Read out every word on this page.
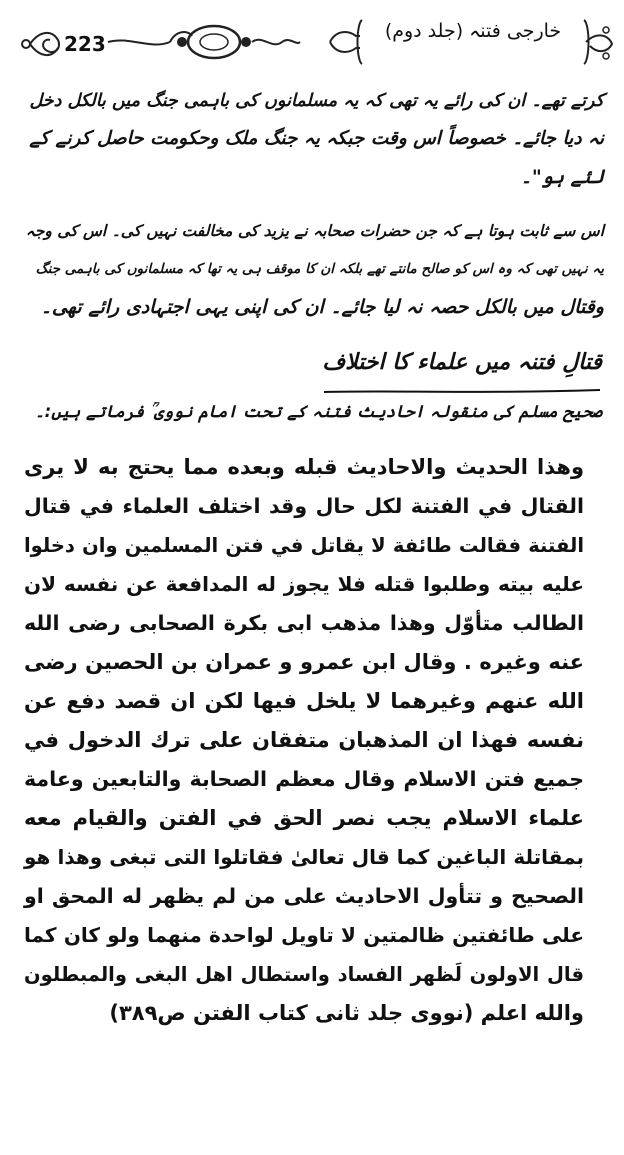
223
خارجی فتنہ (جلد دوم)
کرتے تھے۔ ان کی رائے یہ تھی کہ یہ مسلمانوں کی باہمی جنگ میں بالکل دخل
نہ دیا جائے۔ خصوصاً اس وقت جبکہ یہ جنگ ملک وحکومت حاصل کرنے کے
لئے ہو"۔
اس سے ثابت ہوتا ہے کہ جن حضرات صحابہ نے یزید کی مخالفت نہیں کی۔ اس کی وجہ
یہ نہیں تھی کہ وہ اس کو صالح مانتے تھے بلکہ ان کا موقف ہی یہ تھا کہ مسلمانوں کی باہمی جنگ
وقتال میں بالکل حصہ نہ لیا جائے۔ ان کی اپنی یہی اجتہادی رائے تھی۔
قتالِ فتنہ میں علماء کا اختلاف
صحیح مسلم کی منقولہ احادیث فتنہ کے تحت امام نووی ؒ فرماتے ہیں:۔
وهذا الحديث والاحاديث قبله وبعده مما يحتج به لا يرى
القتال في الفتنة لكل حال وقد اختلف العلماء في قتال
الفتنة فقالت طائفة لا يقاتل في فتن المسلمين وان دخلوا
عليه بيته وطلبوا قتله فلا يجوز له المدافعة عن نفسه لان
الطالب متأوّل وهذا مذهب ابى بكرة الصحابى رضى الله
عنه وغيره . وقال ابن عمرو و عمران بن الحصين رضى
الله عنهم وغيرهما لا يلخل فيها لكن ان قصد دفع عن
نفسه فهذا ان المذهبان متفقان على ترك الدخول في
جميع فتن الاسلام وقال معظم الصحابة والتابعين وعامة
علماء الاسلام يجب نصر الحق في الفتن والقيام معه
بمقاتلة الباغين كما قال تعالىٰ فقاتلوا التى تبغى وهذا هو
الصحيح و تتأول الاحاديث على من لم يظهر له المحق او
على طائفتين ظالمتين لا تاويل لواحدة منهما ولو كان كما
قال الاولون لَظهر الفساد واستطال اهل البغى والمبطلون
والله اعلم (نووى جلد ثانى كتاب الفتن ص٣٨٩)
